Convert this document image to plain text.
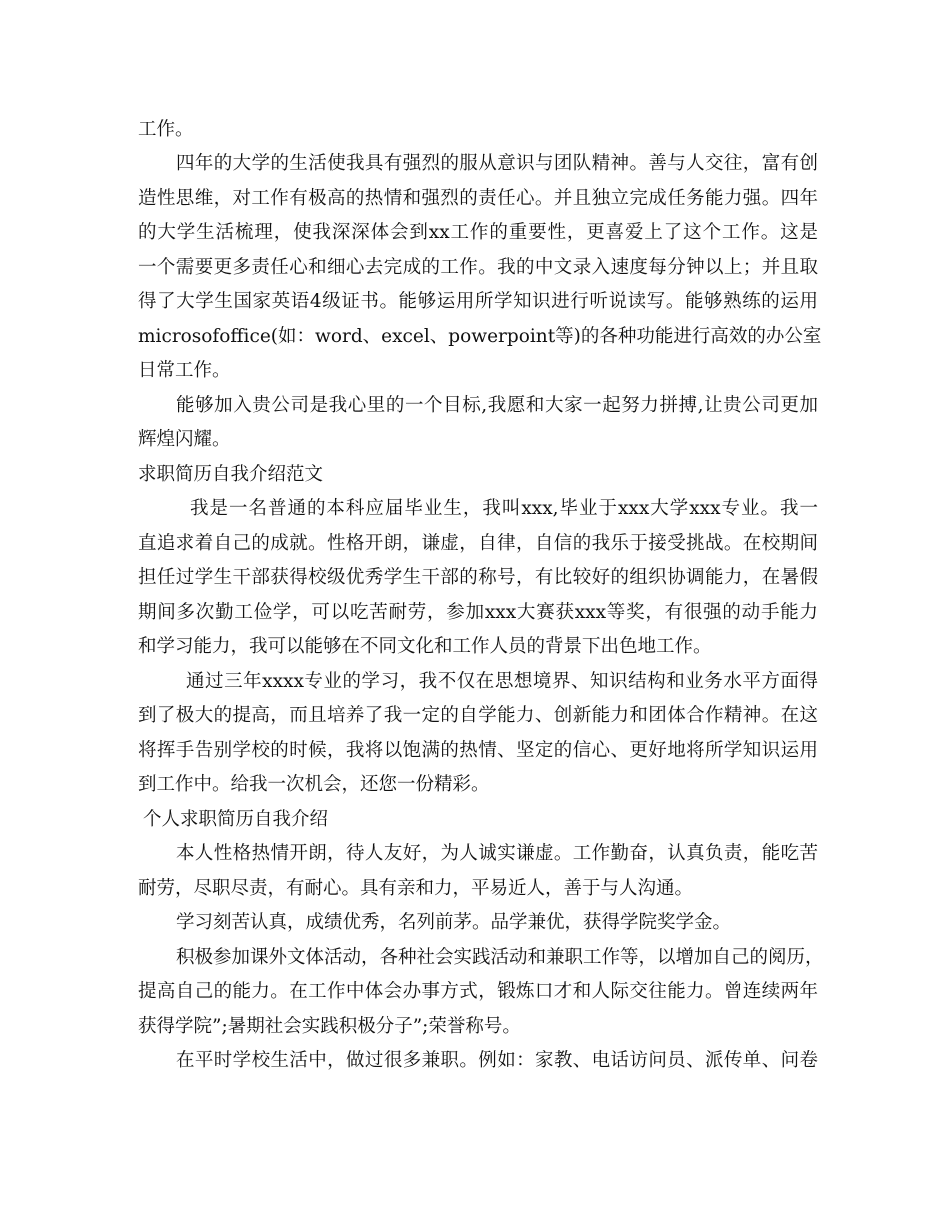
工作。
四年的大学的生活使我具有强烈的服从意识与团队精神。善与人交往，富有创
造性思维，对工作有极高的热情和强烈的责任心。并且独立完成任务能力强。四年
的大学生活梳理，使我深深体会到xx工作的重要性，更喜爱上了这个工作。这是
一个需要更多责任心和细心去完成的工作。我的中文录入速度每分钟以上；并且取
得了大学生国家英语4级证书。能够运用所学知识进行听说读写。能够熟练的运用
microsofoffice(如：word、excel、powerpoint等)的各种功能进行高效的办公室
日常工作。
能够加入贵公司是我心里的一个目标,我愿和大家一起努力拼搏,让贵公司更加
辉煌闪耀。
求职简历自我介绍范文
我是一名普通的本科应届毕业生，我叫xxx,毕业于xxx大学xxx专业。我一
直追求着自己的成就。性格开朗，谦虚，自律，自信的我乐于接受挑战。在校期间
担任过学生干部获得校级优秀学生干部的称号，有比较好的组织协调能力，在暑假
期间多次勤工俭学，可以吃苦耐劳，参加xxx大赛获xxx等奖，有很强的动手能力
和学习能力，我可以能够在不同文化和工作人员的背景下出色地工作。
通过三年xxxx专业的学习，我不仅在思想境界、知识结构和业务水平方面得
到了极大的提高，而且培养了我一定的自学能力、创新能力和团体合作精神。在这
将挥手告别学校的时候，我将以饱满的热情、坚定的信心、更好地将所学知识运用
到工作中。给我一次机会，还您一份精彩。
个人求职简历自我介绍
本人性格热情开朗，待人友好，为人诚实谦虚。工作勤奋，认真负责，能吃苦
耐劳，尽职尽责，有耐心。具有亲和力，平易近人，善于与人沟通。
学习刻苦认真，成绩优秀，名列前茅。品学兼优，获得学院奖学金。
积极参加课外文体活动，各种社会实践活动和兼职工作等，以增加自己的阅历，
提高自己的能力。在工作中体会办事方式，锻炼口才和人际交往能力。曾连续两年
获得学院”;暑期社会实践积极分子”;荣誉称号。
在平时学校生活中，做过很多兼职。例如：家教、电话访问员、派传单、问卷
